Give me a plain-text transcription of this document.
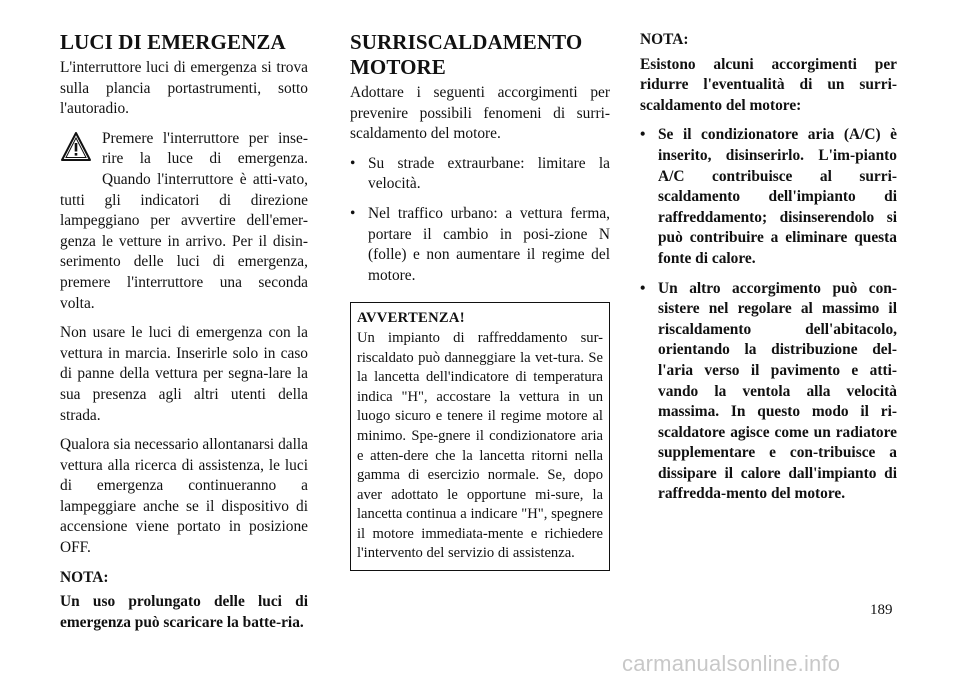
LUCI DI EMERGENZA

L'interruttore luci di emergenza si trova sulla plancia portastrumenti, sotto l'autoradio.

Premere l'interruttore per inse-rire la luce di emergenza. Quando l'interruttore è atti-vato, tutti gli indicatori di direzione lampeggiano per avvertire dell'emer-genza le vetture in arrivo. Per il disin-serimento delle luci di emergenza, premere l'interruttore una seconda volta.

Non usare le luci di emergenza con la vettura in marcia. Inserirle solo in caso di panne della vettura per segna-lare la sua presenza agli altri utenti della strada.

Qualora sia necessario allontanarsi dalla vettura alla ricerca di assistenza, le luci di emergenza continueranno a lampeggiare anche se il dispositivo di accensione viene portato in posizione OFF.

NOTA:
Un uso prolungato delle luci di emergenza può scaricare la batte-ria.
SURRISCALDAMENTO MOTORE

Adottare i seguenti accorgimenti per prevenire possibili fenomeni di surri-scaldamento del motore.

• Su strade extraurbane: limitare la velocità.
• Nel traffico urbano: a vettura ferma, portare il cambio in posi-zione N (folle) e non aumentare il regime del motore.
AVVERTENZA!
Un impianto di raffreddamento sur-riscaldato può danneggiare la vet-tura. Se la lancetta dell'indicatore di temperatura indica "H", accostare la vettura in un luogo sicuro e tenere il regime motore al minimo. Spe-gnere il condizionatore aria e atten-dere che la lancetta ritorni nella gamma di esercizio normale. Se, dopo aver adottato le opportune mi-sure, la lancetta continua a indicare "H", spegnere il motore immediata-mente e richiedere l'intervento del servizio di assistenza.
NOTA:

Esistono alcuni accorgimenti per ridurre l'eventualità di un surri-scaldamento del motore:

• Se il condizionatore aria (A/C) è inserito, disinserirlo. L'im-pianto A/C contribuisce al surri-scaldamento dell'impianto di raffreddamento; disinserendolo si può contribuire a eliminare questa fonte di calore.
• Un altro accorgimento può con-sistere nel regolare al massimo il riscaldamento dell'abitacolo, orientando la distribuzione del-l'aria verso il pavimento e atti-vando la ventola alla velocità massima. In questo modo il ri-scaldatore agisce come un radiatore supplementare e con-tribuisce a dissipare il calore dall'impianto di raffredda-mento del motore.
189
carmanualsonline.info
